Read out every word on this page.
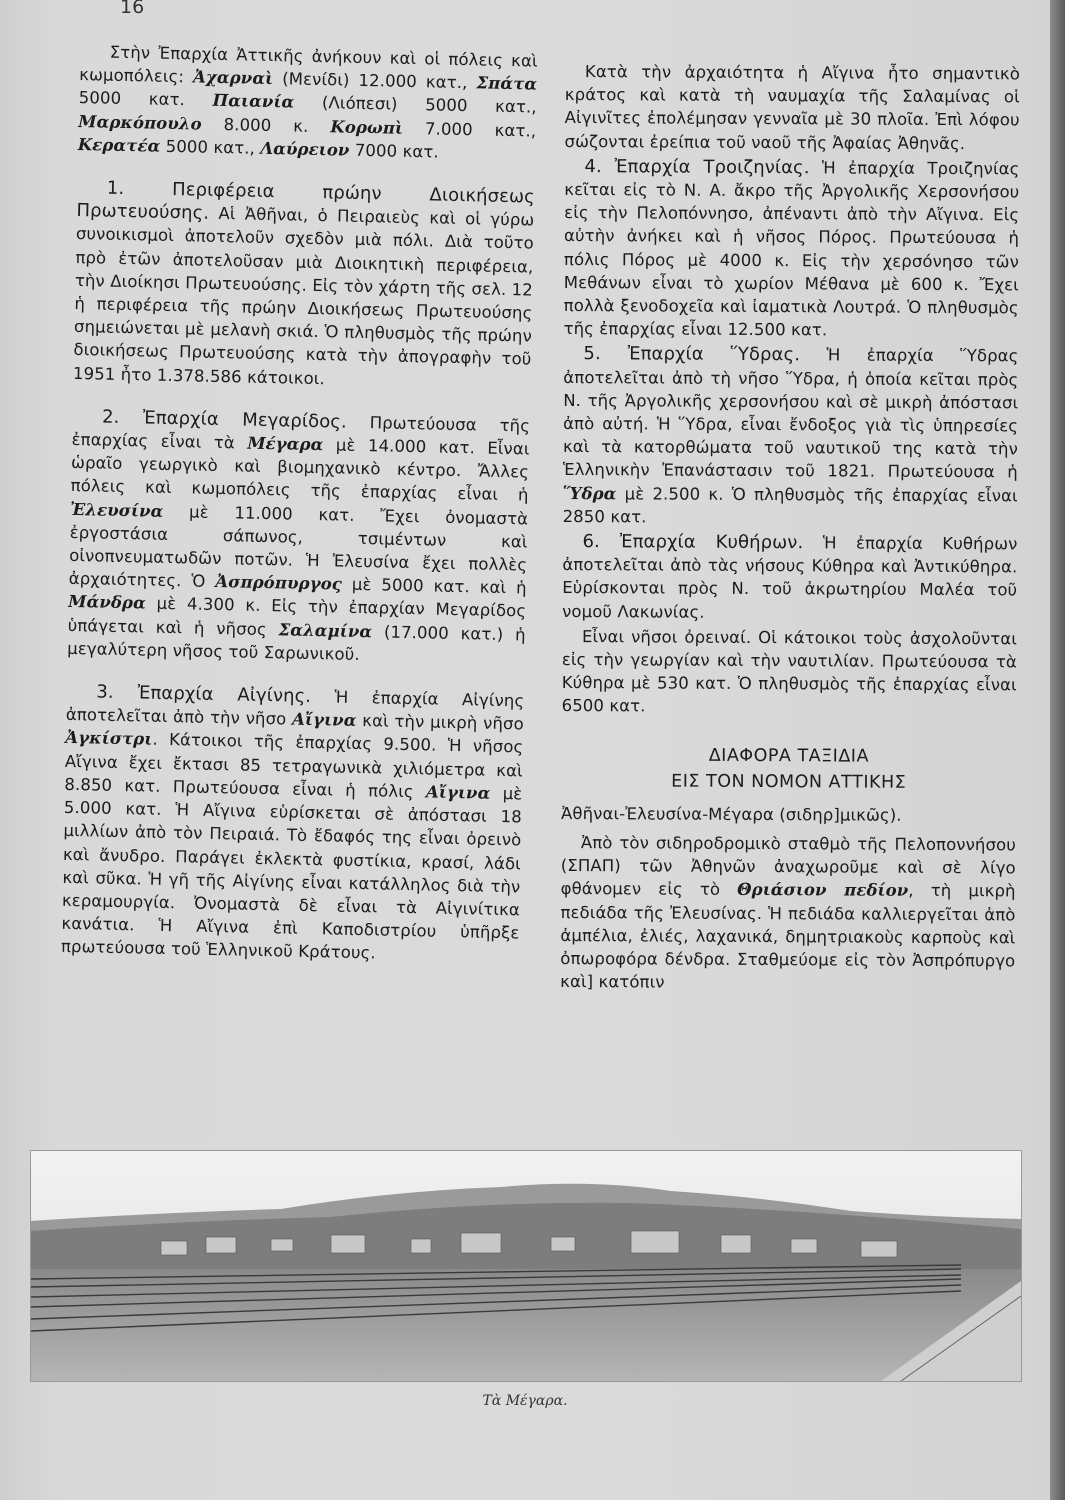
16

Στὴν Ἐπαρχία Ἀττικῆς ἀνήκουν καὶ οἱ πόλεις καὶ κωμοπόλεις: Ἀχαρναὶ (Μενίδι) 12.000 κατ., Σπάτα 5000 κατ. Παιανία (Λιόπεσι) 5000 κατ., Μαρκόπουλο 8.000 κ. Κορωπὶ 7.000 κατ., Κερατέα 5000 κατ., Λαύρειον 7000 κατ.

1. Περιφέρεια πρώην Διοικήσεως Πρωτευούσης. Αἱ Ἀθῆναι, ὁ Πειραιεὺς καὶ οἱ γύρω συνοικισμοὶ ἀποτελοῦν σχεδὸν μιὰ πόλι. Διὰ τοῦτο πρὸ ἐτῶν ἀποτελοῦσαν μιὰ Διοικητικὴ περιφέρεια, τὴν Διοίκησι Πρωτευούσης. Εἰς τὸν χάρτη τῆς σελ. 12 ἡ περιφέρεια τῆς πρώην Διοικήσεως Πρωτευούσης σημειώνεται μὲ μελανὴ σκιά. Ὁ πληθυσμὸς τῆς πρώην διοικήσεως Πρωτευούσης κατὰ τὴν ἀπογραφὴν τοῦ 1951 ἦτο 1.378.586 κάτοικοι.

2. Ἐπαρχία Μεγαρίδος. Πρωτεύουσα τῆς ἐπαρχίας εἶναι τὰ Μέγαρα μὲ 14.000 κατ. Εἶναι ὡραῖο γεωργικὸ καὶ βιομηχανικὸ κέντρο. Ἄλλες πόλεις καὶ κωμοπόλεις τῆς ἐπαρχίας εἶναι ἡ Ἐλευσίνα μὲ 11.000 κατ. Ἔχει ὀνομαστὰ ἐργοστάσια σάπωνος, τσιμέντων καὶ οἰνοπνευματωδῶν ποτῶν. Ἡ Ἐλευσίνα ἔχει πολλὲς ἀρχαιότητες. Ὁ Ἀσπρόπυργος μὲ 5000 κατ. καὶ ἡ Μάνδρα μὲ 4.300 κ. Εἰς τὴν ἐπαρχίαν Μεγαρίδος ὑπάγεται καὶ ἡ νῆσος Σαλαμίνα (17.000 κατ.) ἡ μεγαλύτερη νῆσος τοῦ Σαρωνικοῦ.

3. Ἐπαρχία Αἰγίνης. Ἡ ἐπαρχία Αἰγίνης ἀποτελεῖται ἀπὸ τὴν νῆσο Αἴγινα καὶ τὴν μικρὴ νῆσο Ἀγκίστρι. Κάτοικοι τῆς ἐπαρχίας 9.500. Ἡ νῆσος Αἴγινα ἔχει ἔκτασι 85 τετραγωνικὰ χιλιόμετρα καὶ 8.850 κατ. Πρωτεύουσα εἶναι ἡ πόλις Αἴγινα μὲ 5.000 κατ. Ἡ Αἴγινα εὑρίσκεται σὲ ἀπόστασι 18 μιλλίων ἀπὸ τὸν Πειραιά. Τὸ ἔδαφός της εἶναι ὀρεινὸ καὶ ἄνυδρο. Παράγει ἐκλεκτὰ φυστίκια, κρασί, λάδι καὶ σῦκα. Ἡ γῆ τῆς Αἰγίνης εἶναι κατάλληλος διὰ τὴν κεραμουργία. Ὀνομαστὰ δὲ εἶναι τὰ Αἰγινίτικα κανάτια. Ἡ Αἴγινα ἐπὶ Καποδιστρίου ὑπῆρξε πρωτεύουσα τοῦ Ἑλληνικοῦ Κράτους.

Κατὰ τὴν ἀρχαιότητα ἡ Αἴγινα ἦτο σημαντικὸ κράτος καὶ κατὰ τὴ ναυμαχία τῆς Σαλαμίνας οἱ Αἰγινῖτες ἐπολέμησαν γενναῖα μὲ 30 πλοῖα. Ἐπὶ λόφου σώζονται ἐρείπια τοῦ ναοῦ τῆς Ἀφαίας Ἀθηνᾶς.

4. Ἐπαρχία Τροιζηνίας. Ἡ ἐπαρχία Τροιζηνίας κεῖται εἰς τὸ Ν. Α. ἄκρο τῆς Ἀργολικῆς Χερσονήσου εἰς τὴν Πελοπόννησο, ἀπέναντι ἀπὸ τὴν Αἴγινα. Εἰς αὐτὴν ἀνήκει καὶ ἡ νῆσος Πόρος. Πρωτεύουσα ἡ πόλις Πόρος μὲ 4000 κ. Εἰς τὴν χερσόνησο τῶν Μεθάνων εἶναι τὸ χωρίον Μέθανα μὲ 600 κ. Ἔχει πολλὰ ξενοδοχεῖα καὶ ἰαματικὰ Λουτρά. Ὁ πληθυσμὸς τῆς ἐπαρχίας εἶναι 12.500 κατ.

5. Ἐπαρχία Ὕδρας. Ἡ ἐπαρχία Ὕδρας ἀποτελεῖται ἀπὸ τὴ νῆσο Ὕδρα, ἡ ὁποία κεῖται πρὸς Ν. τῆς Ἀργολικῆς χερσονήσου καὶ σὲ μικρὴ ἀπόστασι ἀπὸ αὐτή. Ἡ Ὕδρα, εἶναι ἔνδοξος γιὰ τὶς ὑπηρεσίες καὶ τὰ κατορθώματα τοῦ ναυτικοῦ της κατὰ τὴν Ἑλληνικὴν Ἐπανάστασιν τοῦ 1821. Πρωτεύουσα ἡ Ὕδρα μὲ 2.500 κ. Ὁ πληθυσμὸς τῆς ἐπαρχίας εἶναι 2850 κατ.

6. Ἐπαρχία Κυθήρων. Ἡ ἐπαρχία Κυθήρων ἀποτελεῖται ἀπὸ τὰς νήσους Κύθηρα καὶ Ἀντικύθηρα. Εὑρίσκονται πρὸς Ν. τοῦ ἀκρωτηρίου Μαλέα τοῦ νομοῦ Λακωνίας.

Εἶναι νῆσοι ὀρειναί. Οἱ κάτοικοι τοὺς ἀσχολοῦνται εἰς τὴν γεωργίαν καὶ τὴν ναυτιλίαν. Πρωτεύουσα τὰ Κύθηρα μὲ 530 κατ. Ὁ πληθυσμὸς τῆς ἐπαρχίας εἶναι 6500 κατ.

ΔΙΑΦΟΡΑ ΤΑΞΙΔΙΑ
ΕΙΣ ΤΟΝ ΝΟΜΟΝ ΑΤΤΙΚΗΣ

Ἀθῆναι-Ἐλευσίνα-Μέγαρα (σιδηρ]μικῶς).

Ἀπὸ τὸν σιδηροδρομικὸ σταθμὸ τῆς Πελοποννήσου (ΣΠΑΠ) τῶν Ἀθηνῶν ἀναχωροῦμε καὶ σὲ λίγο φθάνομεν εἰς τὸ Θριάσιον πεδίον, τὴ μικρὴ πεδιάδα τῆς Ἐλευσίνας. Ἡ πεδιάδα καλλιεργεῖται ἀπὸ ἀμπέλια, ἐλιές, λαχανικά, δημητριακοὺς καρποὺς καὶ ὀπωροφόρα δένδρα. Σταθμεύομε εἰς τὸν Ἀσπρόπυργο καὶ] κατόπιν

Τὰ Μέγαρα.
